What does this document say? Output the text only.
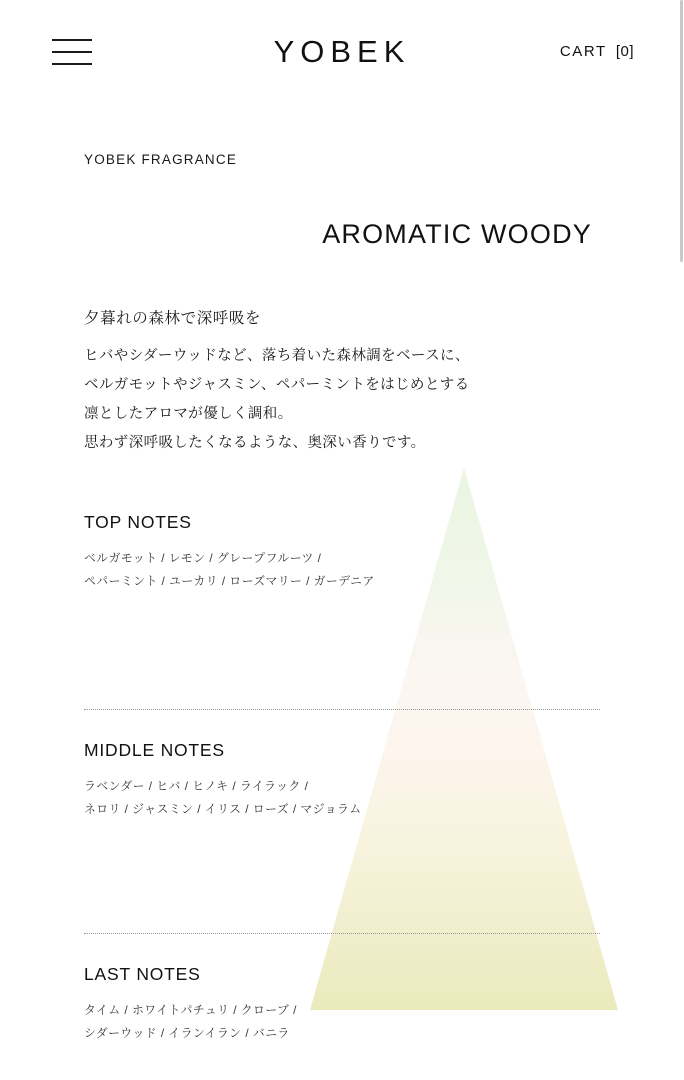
YOBEK	CART [0]
YOBEK FRAGRANCE
AROMATIC WOODY
夕暮れの森林で深呼吸を
ヒバやシダーウッドなど、落ち着いた森林調をベースに、
ベルガモットやジャスミン、ペパーミントをはじめとする
凛としたアロマが優しく調和。
思わず深呼吸したくなるような、奥深い香りです。
TOP NOTES
ベルガモット / レモン / グレープフルーツ /
ペパーミント / ユーカリ / ローズマリー / ガーデニア
MIDDLE NOTES
ラベンダー / ヒバ / ヒノキ / ライラック /
ネロリ / ジャスミン / イリス / ローズ / マジョラム
LAST NOTES
タイム / ホワイトパチュリ / クローブ /
シダーウッド / イランイラン / バニラ
